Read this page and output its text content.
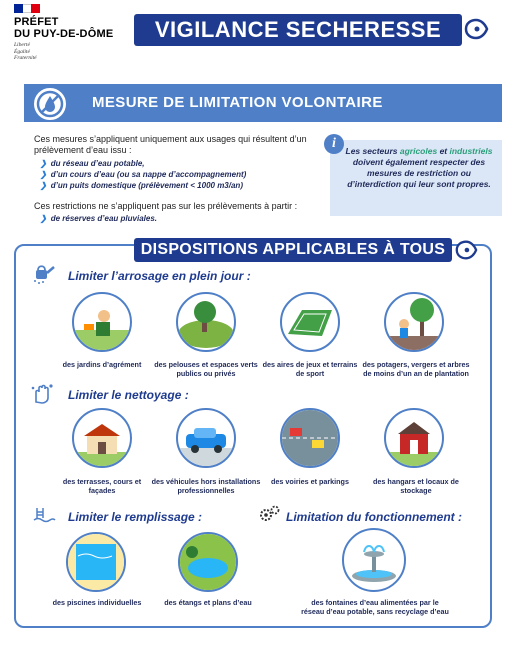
PRÉFET
DU PUY-DE-DÔME
Liberté
Égalité
Fraternité
VIGILANCE SECHERESSE
MESURE DE LIMITATION VOLONTAIRE
Ces mesures s’appliquent uniquement aux usages qui résultent d’un prélèvement d’eau issu :
❯ du réseau d’eau potable,
❯ d’un cours d’eau (ou sa nappe d’accompagnement)
❯ d’un puits domestique (prélèvement < 1000 m3/an)
Ces restrictions ne s’appliquent pas sur les prélèvements à partir :
❯ de réserves d’eau pluviales.
i	Les secteurs agricoles et industriels doivent également respecter des mesures de restriction ou d’interdiction qui leur sont propres.
DISPOSITIONS APPLICABLES À TOUS
Limiter l’arrosage en plein jour :
des jardins d’agrément	des pelouses et espaces verts publics ou privés
des aires de jeux et terrains de sport
des potagers, vergers et arbres de moins d’un an de plantation
Limiter le nettoyage :
des terrasses, cours et façades
des véhicules hors installations professionnelles
des voiries et parkings	des hangars et locaux de stockage
Limiter le remplissage :	Limitation du fonctionnement :
des piscines individuelles	des étangs et plans d’eau	des fontaines d’eau alimentées par le réseau d’eau potable, sans recyclage d’eau
